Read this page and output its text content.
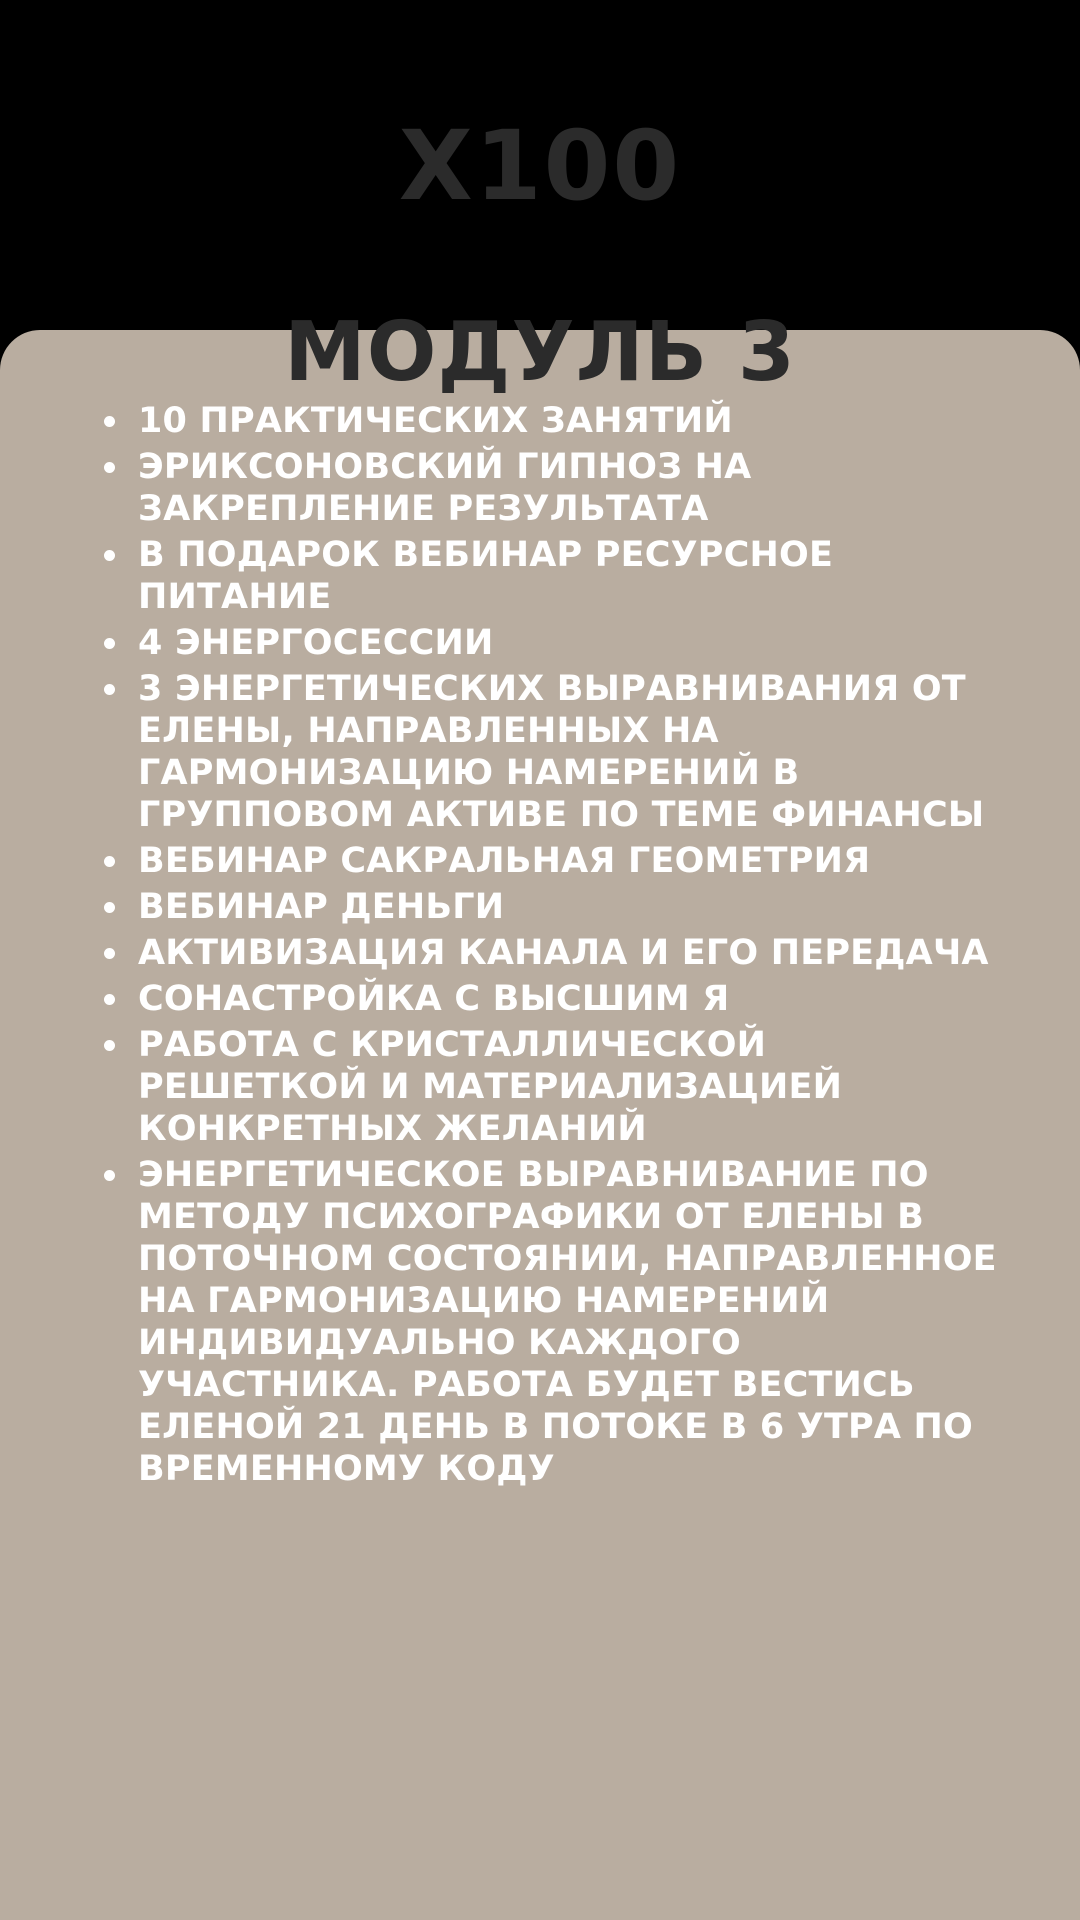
X100
МОДУЛЬ 3
10 ПРАКТИЧЕСКИХ ЗАНЯТИЙ
ЭРИКСОНОВСКИЙ ГИПНОЗ НА ЗАКРЕПЛЕНИЕ РЕЗУЛЬТАТА
В ПОДАРОК ВЕБИНАР РЕСУРСНОЕ ПИТАНИЕ
4 ЭНЕРГОСЕССИИ
3 ЭНЕРГЕТИЧЕСКИХ ВЫРАВНИВАНИЯ ОТ ЕЛЕНЫ, НАПРАВЛЕННЫХ НА ГАРМОНИЗАЦИЮ НАМЕРЕНИЙ В ГРУППОВОМ АКТИВЕ ПО ТЕМЕ ФИНАНСЫ
ВЕБИНАР САКРАЛЬНАЯ ГЕОМЕТРИЯ
ВЕБИНАР ДЕНЬГИ
АКТИВИЗАЦИЯ КАНАЛА И ЕГО ПЕРЕДАЧА
СОНАСТРОЙКА С ВЫСШИМ Я
РАБОТА С КРИСТАЛЛИЧЕСКОЙ РЕШЕТКОЙ И МАТЕРИАЛИЗАЦИЕЙ КОНКРЕТНЫХ ЖЕЛАНИЙ
ЭНЕРГЕТИЧЕСКОЕ ВЫРАВНИВАНИЕ ПО МЕТОДУ ПСИХОГРАФИКИ ОТ ЕЛЕНЫ В ПОТОЧНОМ СОСТОЯНИИ, НАПРАВЛЕННОЕ НА ГАРМОНИЗАЦИЮ НАМЕРЕНИЙ ИНДИВИДУАЛЬНО КАЖДОГО УЧАСТНИКА. РАБОТА БУДЕТ ВЕСТИСЬ ЕЛЕНОЙ 21 ДЕНЬ В ПОТОКЕ В 6 УТРА ПО ВРЕМЕННОМУ КОДУ
